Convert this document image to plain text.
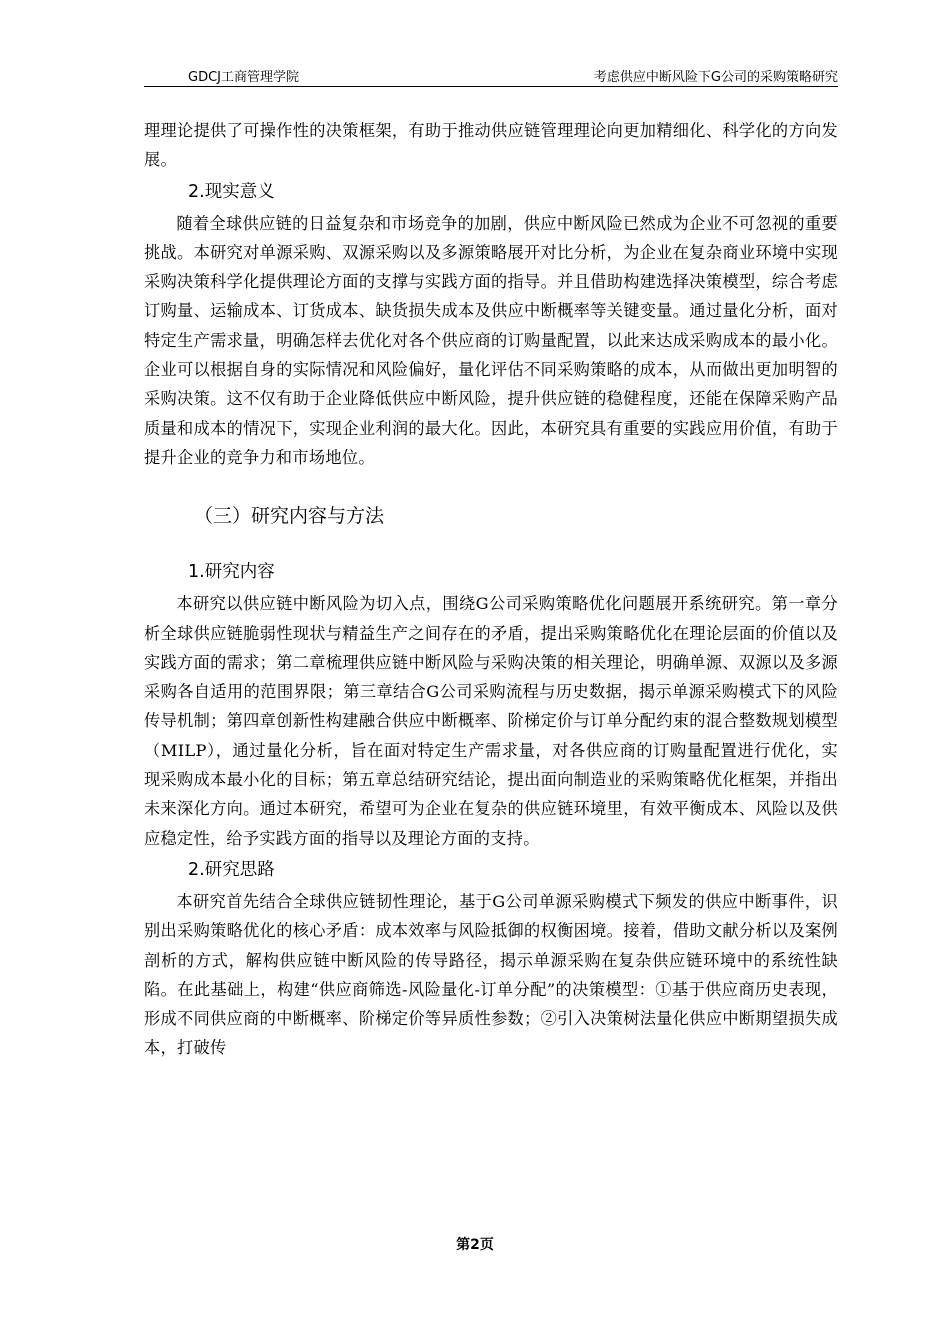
GDCJ工商管理学院	考虑供应中断风险下G公司的采购策略研究

理理论提供了可操作性的决策框架，有助于推动供应链管理理论向更加精细化、科学化的方向发展。

2.现实意义

随着全球供应链的日益复杂和市场竞争的加剧，供应中断风险已然成为企业不可忽视的重要挑战。本研究对单源采购、双源采购以及多源策略展开对比分析，为企业在复杂商业环境中实现采购决策科学化提供理论方面的支撑与实践方面的指导。并且借助构建选择决策模型，综合考虑订购量、运输成本、订货成本、缺货损失成本及供应中断概率等关键变量。通过量化分析，面对特定生产需求量，明确怎样去优化对各个供应商的订购量配置，以此来达成采购成本的最小化。企业可以根据自身的实际情况和风险偏好，量化评估不同采购策略的成本，从而做出更加明智的采购决策。这不仅有助于企业降低供应中断风险，提升供应链的稳健程度，还能在保障采购产品质量和成本的情况下，实现企业利润的最大化。因此，本研究具有重要的实践应用价值，有助于提升企业的竞争力和市场地位。

（三）研究内容与方法
1.研究内容

本研究以供应链中断风险为切入点，围绕G公司采购策略优化问题展开系统研究。第一章分析全球供应链脆弱性现状与精益生产之间存在的矛盾，提出采购策略优化在理论层面的价值以及实践方面的需求；第二章梳理供应链中断风险与采购决策的相关理论，明确单源、双源以及多源采购各自适用的范围界限；第三章结合G公司采购流程与历史数据，揭示单源采购模式下的风险传导机制；第四章创新性构建融合供应中断概率、阶梯定价与订单分配约束的混合整数规划模型（MILP），通过量化分析，旨在面对特定生产需求量，对各供应商的订购量配置进行优化，实现采购成本最小化的目标；第五章总结研究结论，提出面向制造业的采购策略优化框架，并指出未来深化方向。通过本研究，希望可为企业在复杂的供应链环境里，有效平衡成本、风险以及供应稳定性，给予实践方面的指导以及理论方面的支持。

2.研究思路

本研究首先结合全球供应链韧性理论，基于G公司单源采购模式下频发的供应中断事件，识别出采购策略优化的核心矛盾：成本效率与风险抵御的权衡困境。接着，借助文献分析以及案例剖析的方式，解构供应链中断风险的传导路径，揭示单源采购在复杂供应链环境中的系统性缺陷。在此基础上，构建“供应商筛选-风险量化-订单分配”的决策模型：①基于供应商历史表现，形成不同供应商的中断概率、阶梯定价等异质性参数；②引入决策树法量化供应中断期望损失成本，打破传

第2页
